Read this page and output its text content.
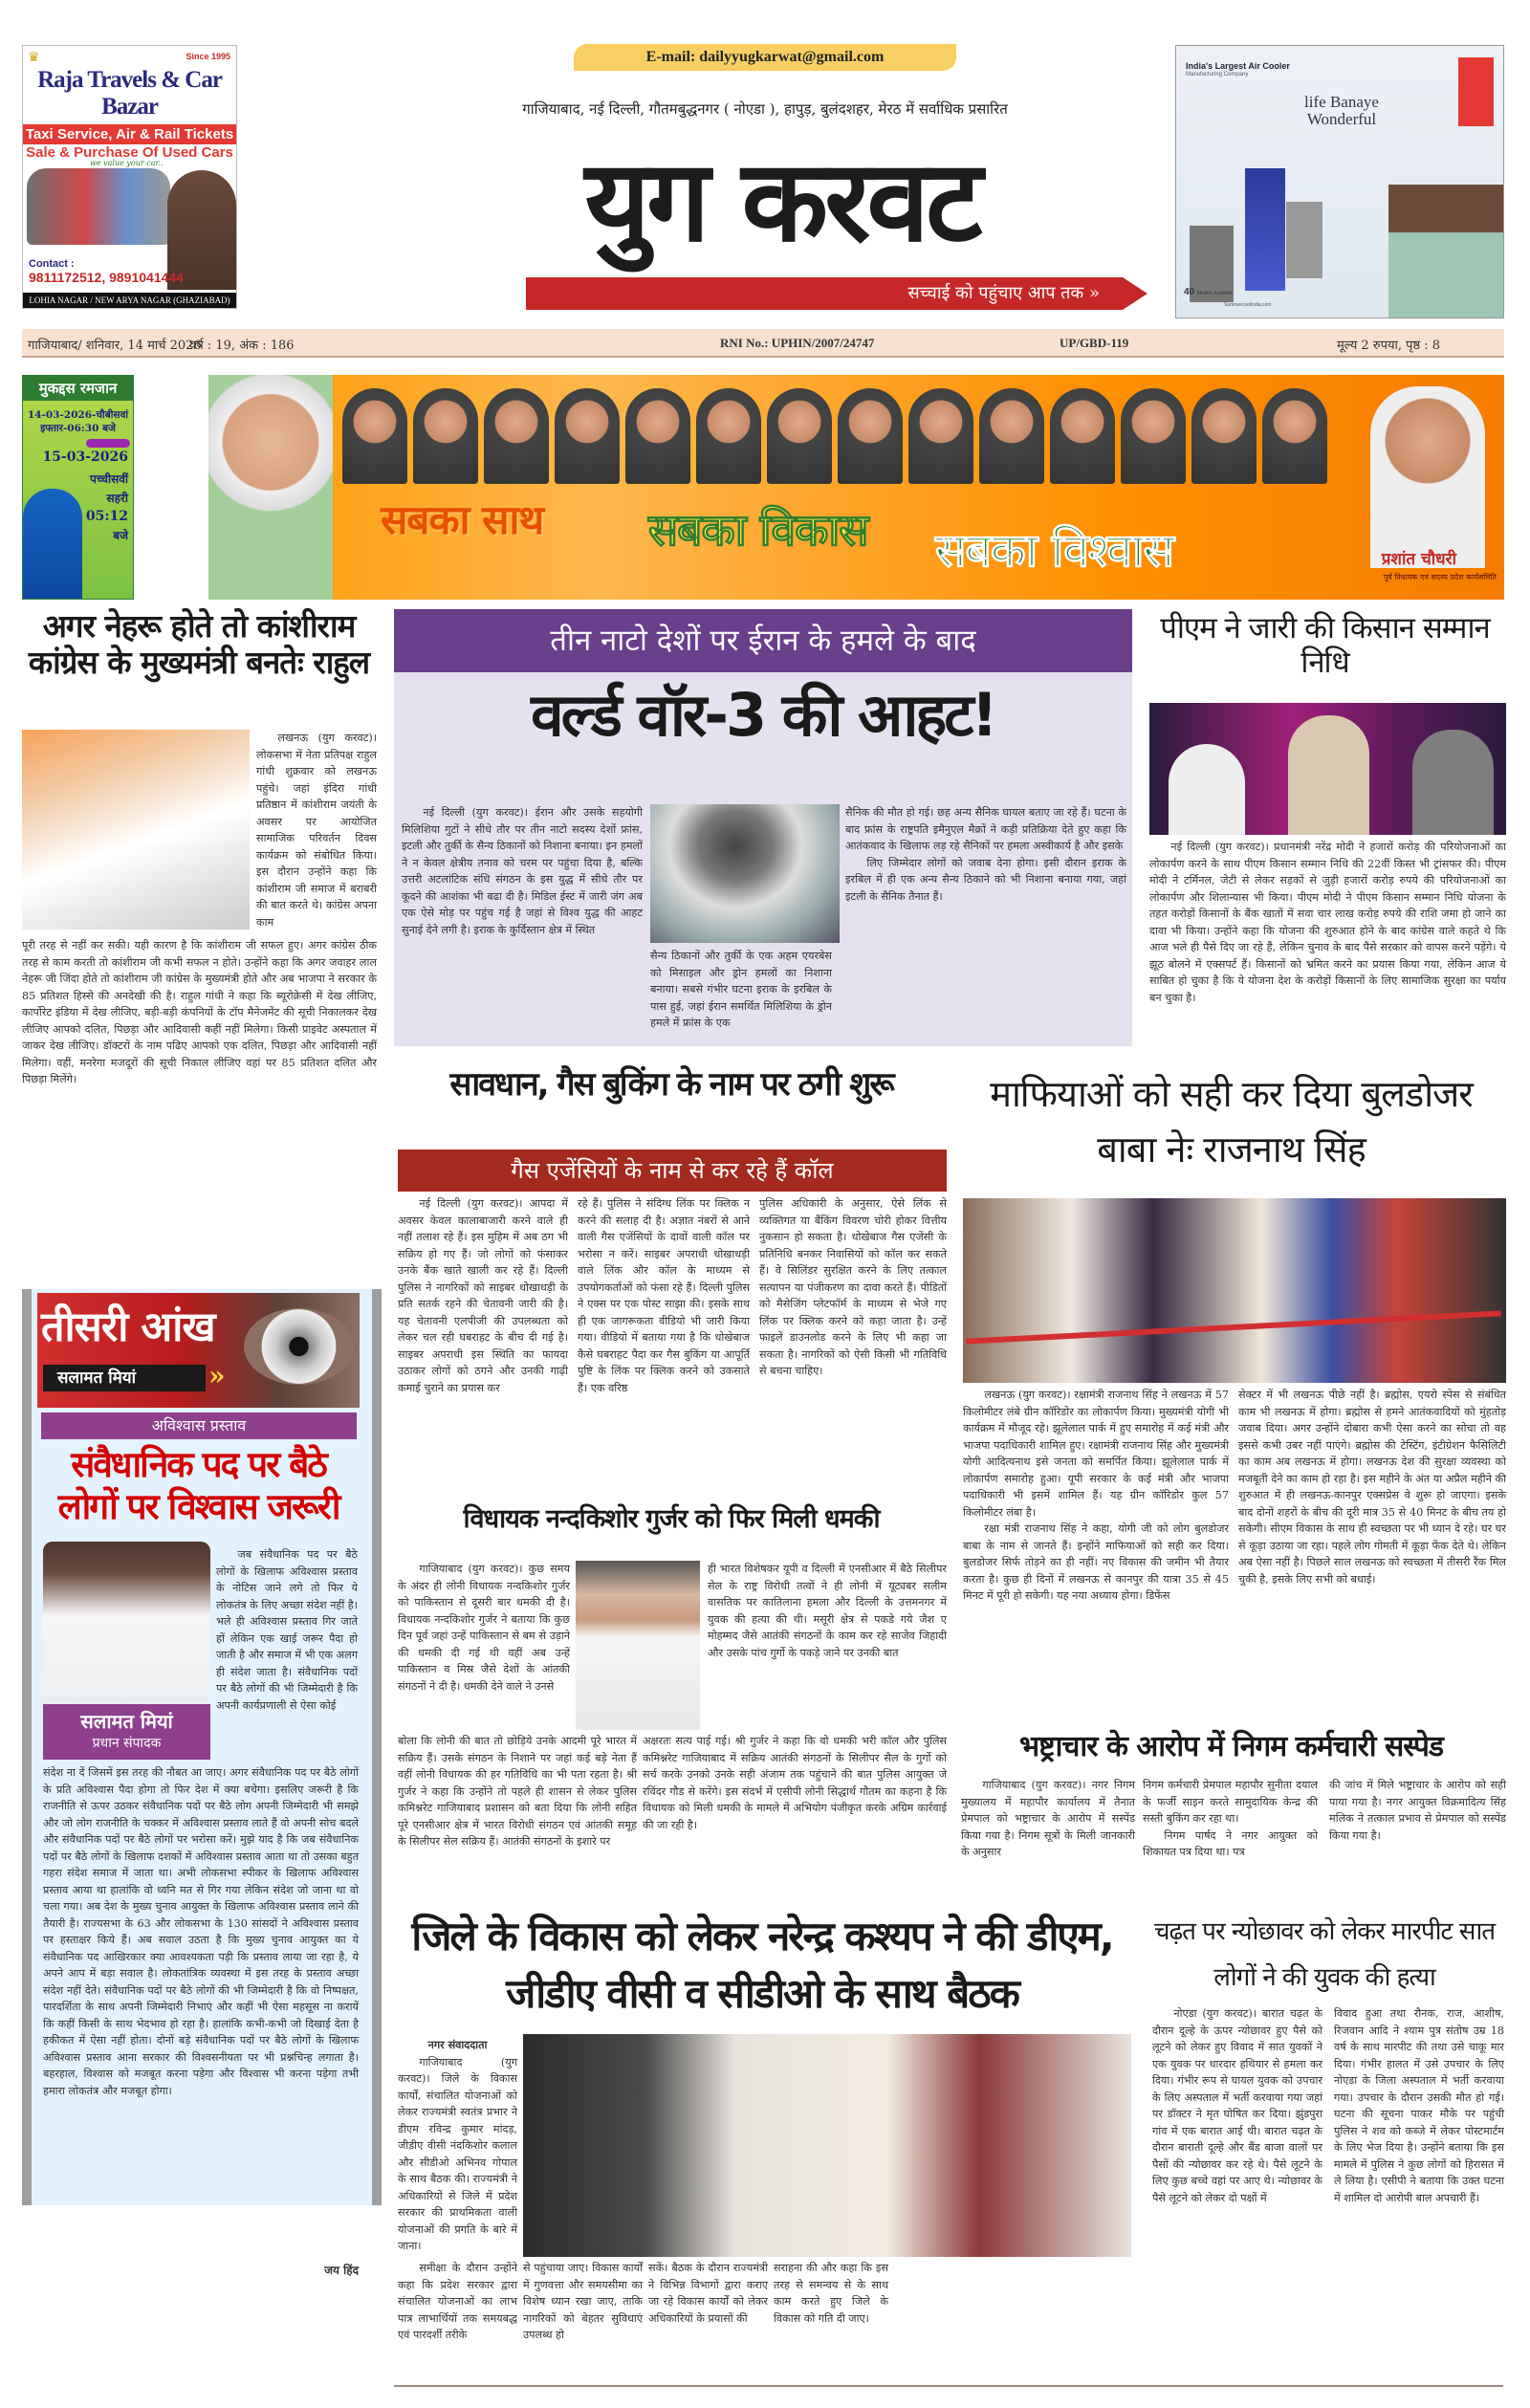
♛	Since 1995
Raja Travels & Car Bazar
Taxi Service, Air & Rail Tickets
Sale & Purchase Of Used Cars
we value your car..
Contact :
9811172512, 9891041444
LOHIA NAGAR / NEW ARYA NAGAR (GHAZIABAD)
E-mail: dailyyugkarwat@gmail.com
गाजियाबाद, नई दिल्ली, गौतमबुद्धनगर ( नोएडा ), हापुड़, बुलंदशहर, मेरठ में सर्वाधिक प्रसारित
युग करवट
सच्चाई को पहुंचाए आप तक »
India's Largest Air Cooler
Manufacturing Company
life Banaye Wonderful
40 Models Available
Summercoolindia.com
गाजियाबाद/ शनिवार, 14 मार्च 2026
वर्ष : 19, अंक : 186	RNI No.: UPHIN/2007/24747	UP/GBD-119	मूल्य 2 रुपया, पृष्ठ : 8
मुकद्दस रमजान
14-03-2026-चौबीसवां
इफ्तार-06:30 बजे
15-03-2026
पच्चीसवीं
सहरी
05:12
बजे	सबका साथ सबका विकास सबका विश्वास	प्रशांत चौधरी
पूर्व विधायक एवं सदस्य प्रदेश कार्यसमिति
अगर नेहरू होते तो कांशीराम कांग्रेस के मुख्यमंत्री बनतेः राहुल
लखनऊ (युग करवट)। लोकसभा में नेता प्रतिपक्ष राहुल गांधी शुक्रवार को लखनऊ पहुंचे। जहां इंदिरा गांधी प्रतिष्ठान में कांशीराम जयंती के अवसर पर आयोजित सामाजिक परिवर्तन दिवस कार्यक्रम को संबोधित किया। इस दौरान उन्होंने कहा कि कांशीराम जी समाज में बराबरी की बात करते थे। कांग्रेस अपना काम
पूरी तरह से नहीं कर सकी। यही कारण है कि कांशीराम जी सफल हुए। अगर कांग्रेस ठीक तरह से काम करती तो कांशीराम जी कभी सफल न होते। उन्होंने कहा कि अगर जवाहर लाल नेहरू जी जिंदा होते तो कांशीराम जी कांग्रेस के मुख्यमंत्री होते और अब भाजपा ने सरकार के 85 प्रतिशत हिस्से की अनदेखी की है। राहुल गांधी ने कहा कि ब्यूरोक्रेसी में देख लीजिए, कार्पोरेट इंडिया में देख लीजिए, बड़ी-बड़ी कंपनियों के टॉप मैनेजमेंट की सूची निकालकर देख लीजिए आपको दलित, पिछड़ा और आदिवासी कहीं नहीं मिलेगा। किसी प्राइवेट अस्पताल में जाकर देख लीजिए। डॉक्टरों के नाम पढिए आपको एक दलित, पिछड़ा और आदिवासी नहीं मिलेगा। वहीं, मनरेगा मजदूरों की सूची निकाल लीजिए वहां पर 85 प्रतिशत दलित और पिछड़ा मिलेंगे।
तीसरी आंख
सलामत मियां	»
अविश्वास प्रस्ताव
संवैधानिक पद पर बैठे लोगों पर विश्वास जरूरी
सलामत मियां
प्रधान संपादक
जब संवैधानिक पद पर बैठे लोगों के खिलाफ अविश्वास प्रस्ताव के नोटिस जाने लगे तो फिर ये लोकतंत्र के लिए अच्छा संदेश नहीं है। भले ही अविश्वास प्रस्ताव गिर जाते हों लेकिन एक खाई जरूर पैदा हो जाती है और समाज में भी एक अलग ही संदेश जाता है। संवैधानिक पदों पर बैठे लोगों की भी जिम्मेदारी है कि अपनी कार्यप्रणाली से ऐसा कोई
संदेश ना दें जिसमें इस तरह की नौबत आ जाए। अगर संवैधानिक पद पर बैठे लोगों के प्रति अविश्वास पैदा होगा तो फिर देश में क्या बचेगा। इसलिए जरूरी है कि राजनीति से ऊपर उठकर संवैधानिक पदों पर बैठे लोग अपनी जिम्मेदारी भी समझे और जो लोग राजनीति के चक्कर में अविश्वास प्रस्ताव लाते हैं वो अपनी सोच बदले और संवैधानिक पदों पर बैठे लोगों पर भरोसा करें। मुझे याद है कि जब संवैधानिक पदों पर बैठे लोगों के खिलाफ दशकों में अविश्वास प्रस्ताव आता था तो उसका बहुत गहरा संदेश समाज में जाता था। अभी लोकसभा स्पीकर के खिलाफ अविश्वास प्रस्ताव आया था हालांकि वो ध्वनि मत से गिर गया लेकिन संदेश जो जाना था वो चला गया। अब देश के मुख्य चुनाव आयुक्त के खिलाफ अविश्वास प्रस्ताव लाने की तैयारी है। राज्यसभा के 63 और लोकसभा के 130 सांसदों ने अविश्वास प्रस्ताव पर हस्ताक्षर किये हैं। अब सवाल उठता है कि मुख्य चुनाव आयुक्त का ये संवैधानिक पद आखिरकार क्या आवश्यकता पड़ी कि प्रस्ताव लाया जा रहा है, ये अपने आप में बड़ा सवाल है। लोकतांत्रिक व्यवस्था में इस तरह के प्रस्ताव अच्छा संदेश नहीं देते। संवैधानिक पदों पर बैठे लोगों की भी जिम्मेदारी है कि वो निष्पक्षत, पारदर्शिता के साथ अपनी जिम्मेदारी निभाएं और कहीं भी ऐसा महसूस ना करायें कि कहीं किसी के साथ भेदभाव हो रहा है। हालांकि कभी-कभी जो दिखाई देता है हकीकत में ऐसा नहीं होता। दोनों बड़े संवैधानिक पदों पर बैठे लोगों के खिलाफ अविश्वास प्रस्ताव आना सरकार की विश्वसनीयता पर भी प्रश्नचिन्ह लगाता है। बहरहाल, विश्वास को मजबूत करना पड़ेगा और विश्वास भी करना पड़ेगा तभी हमारा लोकतंत्र और मजबूत होगा।
जय हिंद
तीन नाटो देशों पर ईरान के हमले के बाद
वर्ल्ड वॉर-3 की आहट!
नई दिल्ली (युग करवट)। ईरान और उसके सहयोगी मिलिशिया गुटों ने सीधे तौर पर तीन नाटो सदस्य देशों फ्रांस, इटली और तुर्की के सैन्य ठिकानों को निशाना बनाया। इन हमलों ने न केवल क्षेत्रीय तनाव को चरम पर पहुंचा दिया है, बल्कि उत्तरी अटलांटिक संधि संगठन के इस युद्ध में सीधे तौर पर कूदने की आशंका भी बढा दी है। मिडिल ईस्ट में जारी जंग अब एक ऐसे मोड़ पर पहुंच गई है जहां से विश्व युद्ध की आहट सुनाई देने लगी है। इराक के कुर्दिस्तान क्षेत्र में स्थित
सैन्य ठिकानों और तुर्की के एक अहम एयरबेस को मिसाइल और ड्रोन हमलों का निशाना बनाया। सबसे गंभीर घटना इराक के इरबिल के पास हुई, जहां ईरान समर्थित मिलिशिया के ड्रोन हमले में फ्रांस के एक
सैनिक की मौत हो गई। छह अन्य सैनिक घायल बताए जा रहे हैं। घटना के बाद फ्रांस के राष्ट्रपति इमैनुएल मैक्रों ने कड़ी प्रतिक्रिया देते हुए कहा कि आतंकवाद के खिलाफ लड़ रहे सैनिकों पर हमला अस्वीकार्य है और इसके
लिए जिम्मेदार लोगों को जवाब देना होगा। इसी दौरान इराक के इरबिल में ही एक अन्य सैन्य ठिकाने को भी निशाना बनाया गया, जहां इटली के सैनिक तैनात हैं।
पीएम ने जारी की किसान सम्मान निधि
नई दिल्ली (युग करवट)। प्रधानमंत्री नरेंद्र मोदी ने हजारों करोड़ की परियोजनाओं का लोकार्पण करने के साथ पीएम किसान सम्मान निधि की 22वीं किस्त भी ट्रांसफर की। पीएम मोदी ने टर्मिनल, जेटी से लेकर सड़कों से जुड़ी हजारों करोड़ रुपये की परियोजनाओं का लोकार्पण और शिलान्यास भी किया। पीएम मोदी ने पीएम किसान सम्मान निधि योजना के तहत करोड़ों किसानों के बैंक खातों में सवा चार लाख करोड़ रुपये की राशि जमा हो जाने का दावा भी किया। उन्होंने कहा कि योजना की शुरुआत होने के बाद कांग्रेस वाले कहते थे कि आज भले ही पैसे दिए जा रहे हैं, लेकिन चुनाव के बाद पैसे सरकार को वापस करने पड़ेंगे। ये झूठ बोलने में एक्सपर्ट हैं। किसानों को भ्रमित करने का प्रयास किया गया, लेकिन आज ये साबित हो चुका है कि ये योजना देश के करोड़ों किसानों के लिए सामाजिक सुरक्षा का पर्याय बन चुका है।
सावधान, गैस बुकिंग के नाम पर ठगी शुरू
गैस एजेंसियों के नाम से कर रहे हैं कॉल
नई दिल्ली (युग करवट)। आपदा में अवसर केवल कालाबाजारी करने वाले ही नहीं तलाश रहे हैं। इस मुहिम में अब ठग भी सक्रिय हो गए हैं। जो लोगों को फंसाकर उनके बैंक खाते खाली कर रहे हैं। दिल्ली पुलिस ने नागरिकों को साइबर धोखाधड़ी के प्रति सतर्क रहने की चेतावनी जारी की है। यह चेतावनी एलपीजी की उपलब्धता को लेकर चल रही घबराहट के बीच दी गई है। साइबर अपराधी इस स्थिति का फायदा उठाकर लोगों को ठगने और उनकी गाढ़ी कमाई चुराने का प्रयास कर
रहे हैं। पुलिस ने संदिग्ध लिंक पर क्लिक न करने की सलाह दी है। अज्ञात नंबरों से आने वाली गैस एजेंसियों के दावों वाली कॉल पर भरोसा न करें। साइबर अपराधी धोखाधड़ी वाले लिंक और कॉल के माध्यम से उपयोगकर्ताओं को फंसा रहे हैं। दिल्ली पुलिस ने एक्स पर एक पोस्ट साझा की। इसके साथ ही एक जागरूकता वीडियो भी जारी किया गया। वीडियो में बताया गया है कि धोखेबाज कैसे घबराहट पैदा कर गैस बुकिंग या आपूर्ति पुष्टि के लिंक पर क्लिक करने को उकसाते हैं। एक वरिष्ठ
पुलिस अधिकारी के अनुसार, ऐसे लिंक से व्यक्तिगत या बैंकिंग विवरण चोरी होकर वित्तीय नुकसान हो सकता है। धोखेबाज गैस एजेंसी के प्रतिनिधि बनकर निवासियों को कॉल कर सकते हैं। वे सिलिंडर सुरक्षित करने के लिए तत्काल सत्यापन या पंजीकरण का दावा करते हैं। पीडितों को मैसेजिंग प्लेटफॉर्म के माध्यम से भेजे गए लिंक पर क्लिक करने को कहा जाता है। उन्हें फाइलें डाउनलोड करने के लिए भी कहा जा सकता है। नागरिकों को ऐसी किसी भी गतिविधि से बचना चाहिए।
माफियाओं को सही कर दिया बुलडोजर बाबा नेः राजनाथ सिंह
लखनऊ (युग करवट)। रक्षामंत्री राजनाथ सिंह ने लखनऊ में 57 किलोमीटर लंबे ग्रीन कॉरिडोर का लोकार्पण किया। मुख्यमंत्री योगी भी कार्यक्रम में मौजूद रहे। झूलेलाल पार्क में हुए समारोह में कई मंत्री और भाजपा पदाधिकारी शामिल हुए। रक्षामंत्री राजनाथ सिंह और मुख्यमंत्री योगी आदित्यनाथ इसे जनता को समर्पित किया। झूलेलाल पार्क में लोकार्पण समारोह हुआ। यूपी सरकार के कई मंत्री और भाजपा पदाधिकारी भी इसमें शामिल हैं। यह ग्रीन कॉरिडोर कुल 57 किलोमीटर लंबा है।
रक्षा मंत्री राजनाथ सिंह ने कहा, योगी जी को लोग बुलडोजर बाबा के नाम से जानते हैं। इन्होंने माफियाओं को सही कर दिया। बुलडोजर सिर्फ तोड़ने का ही नहीं। नए विकास की जमीन भी तैयार करता है। कुछ ही दिनों में लखनऊ से कानपुर की यात्रा 35 से 45 मिनट में पूरी हो सकेगी। यह नया अध्याय होगा। डिफेंस
सेक्टर में भी लखनऊ पीछे नहीं है। ब्रह्मोस, एयरो स्पेस से संबंधित काम भी लखनऊ में होगा। ब्रह्मोस से हमने आतंकवादियों को मुंहतोड़ जवाब दिया। अगर उन्होंने दोबारा कभी ऐसा करने का सोचा तो वह इससे कभी उबर नहीं पाएंगे। ब्रह्मोस की टेस्टिंग, इंटीग्रेशन फैसिलिटी का काम अब लखनऊ में होगा। लखनऊ देश की सुरक्षा व्यवस्था को मजबूती देने का काम हो रहा है। इस महीने के अंत या अप्रैल महीने की शुरुआत में ही लखनऊ-कानपुर एक्सप्रेस वे शुरू हो जाएगा। इसके बाद दोनों शहरों के बीच की दूरी मात्र 35 से 40 मिनट के बीच तय हो सकेगी। सीएम विकास के साथ ही स्वच्छता पर भी ध्यान दे रहे। घर घर से कूड़ा उठाया जा रहा। पहले लोग गोमती में कूड़ा फेंक देते थे। लेकिन अब ऐसा नहीं है। पिछले साल लखनऊ को स्वच्छता में तीसरी रैंक मिल चुकी है, इसके लिए सभी को बधाई।
विधायक नन्दकिशोर गुर्जर को फिर मिली धमकी
गाजियाबाद (युग करवट)। कुछ समय के अंदर ही लोनी विधायक नन्दकिशोर गुर्जर को पाकिस्तान से दूसरी बार धमकी दी है। विधायक नन्दकिशोर गुर्जर ने बताया कि कुछ दिन पूर्व जहां उन्हें पाकिस्तान से बम से उड़ाने की धमकी दी गई थी वहीं अब उन्हें पाकिस्तान व मिस्र जैसे देशों के आंतकी संगठनों ने दी है। धमकी देने वाले ने उनसे
ही भारत विशेषकर यूपी व दिल्ली में एनसीआर में बैठे सिलीपर सेल के राष्ट्र विरोधी तत्वों ने ही लोनी में यूट्यबर सलीम वासतिक पर कातिलाना हमला और दिल्ली के उत्तमनगर में युवक की हत्या की थी। मसूरी क्षेत्र से पकडे गये जैश ए मोहम्मद जैसे आतंकी संगठनों के काम कर रहे साजेव जिहादी और उसके पांच गुर्गो के पकड़े जाने पर उनकी बात
बोला कि लोनी की बात तो छोड़िये उनके आदमी पूरे भारत में सक्रिय हैं। उसके संगठन के निशाने पर जहां कई बड़े नेता हैं वहीं लोनी विधायक की हर गतिविधि का भी पता रहता है। श्री गुर्जर ने कहा कि उन्होंने तो पहले ही शासन से लेकर पुलिस कमिश्नरेट गाजियाबाद प्रशासन को बता दिया कि लोनी सहित पूरे एनसीआर क्षेत्र में भारत विरोधी संगठन एवं आंतकी समूह के सिलीपर सेल सक्रिय हैं। आतंकी संगठनों के इशारे पर
अक्षरतः सत्य पाई गई। श्री गुर्जर ने कहा कि वो धमकी भरी कॉल और पुलिस कमिश्नरेट गाजियाबाद में सक्रिय आतंकी संगठनों के सिलीपर सैल के गुर्गो को सर्च करके उनको उनके सही अंजाम तक पहुंचाने की बात पुलिस आयुक्त जे रविंदर गौड से करेंगे। इस संदर्भ में एसीपी लोनी सिद्धार्थ गौतम का कहना है कि विधायक को मिली धमकी के मामले में अभियोग पंजीकृत करके अग्रिम कार्रवाई की जा रही है।
भष्ट्राचार के आरोप में निगम कर्मचारी सस्पेड
गाजियाबाद (युग करवट)। नगर निगम मुख्यालय में महापौर कार्यालय में तैनात प्रेमपाल को भष्ट्राचार के आरोप में सस्पेंड किया गया है। निगम सूत्रों के मिली जानकारी के अनुसार
निगम कर्मचारी प्रेमपाल महापौर सुनीता दयाल के फर्जी साइन करते सामुदायिक केन्द्र की सस्ती बुकिंग कर रहा था।
निगम पार्षद ने नगर आयुक्त को शिकायत पत्र दिया था। पत्र
की जांच में मिले भष्ट्राचार के आरोप को सही पाया गया है। नगर आयुक्त विक्रमादित्य सिंह मलिक ने तत्काल प्रभाव से प्रेमपाल को सस्पेंड किया गया है।
जिले के विकास को लेकर नरेन्द्र कश्यप ने की डीएम, जीडीए वीसी व सीडीओ के साथ बैठक
नगर संवाददाता
गाजियाबाद (युग करवट)। जिले के विकास कार्यों, संचालित योजनाओं को लेकर राज्यमंत्री स्वतंत्र प्रभार ने डीएम रविन्द्र कुमार मांदड़, जीडीए वीसी नंदकिशोर कलाल और सीडीओ अभिनव गोपाल के साथ बैठक की। राज्यमंत्री ने अधिकारियों से जिले में प्रदेश सरकार की प्राथमिकता वाली योजनाओं की प्रगति के बारे में जाना।
समीक्षा के दौरान उन्होंने कहा कि प्रदेश सरकार द्वारा संचालित योजनाओं का लाभ पात्र लाभार्थियों तक समयबद्ध एवं पारदर्शी तरीके
से पहुंचाया जाए। विकास कार्यों में गुणवत्ता और समयसीमा का विशेष ध्यान रखा जाए, ताकि नागरिकों को बेहतर सुविधाएं उपलब्ध हो
सकें। बैठक के दौरान राज्यमंत्री ने विभिन्न विभागों द्वारा कराए जा रहे विकास कार्यों को लेकर अधिकारियों के प्रयासों की
सराहना की और कहा कि इस तरह से समन्वय से के साथ काम करते हुए जिले के विकास को गति दी जाए।
चढ़त पर न्योछावर को लेकर मारपीट सात लोगों ने की युवक की हत्या
नोएडा (युग करवट)। बारात चढ़त के दौरान दूल्हे के ऊपर न्योछावर हुए पैसे को लूटने को लेकर हुए विवाद में सात युवकों ने एक युवक पर धारदार हथियार से हमला कर दिया। गंभीर रूप से घायल युवक को उपचार के लिए अस्पताल में भर्ती करवाया गया जहां पर डॉक्टर ने मृत घोषित कर दिया। झुंडपुरा गांव में एक बारात आई थी। बारात चढ़त के दौरान बाराती दूल्हे और बैंड बाजा वालों पर पैसों की न्योछावर कर रहे थे। पैसे लूटने के लिए कुछ बच्चे वहां पर आए थे। न्योछावर के पैसे लूटने को लेकर दो पक्षों में
विवाद हुआ तथा रौनक, राज, आशीष, रिजवान आदि ने श्याम पुत्र संतोष उम्र 18 वर्ष के साथ मारपीट की तथा उसे चाकू मार दिया। गंभीर हालत में उसे उपचार के लिए नोएडा के जिला अस्पताल में भर्ती करवाया गया। उपचार के दौरान उसकी मौत हो गई। घटना की सूचना पाकर मौके पर पहुंची पुलिस ने शव को कब्जे में लेकर पोस्टमार्टम के लिए भेज दिया है। उन्होंने बताया कि इस मामले में पुलिस ने कुछ लोगों को हिरासत में ले लिया है। एसीपी ने बताया कि उक्त घटना में शामिल दो आरोपी बाल अपचारी हैं।
